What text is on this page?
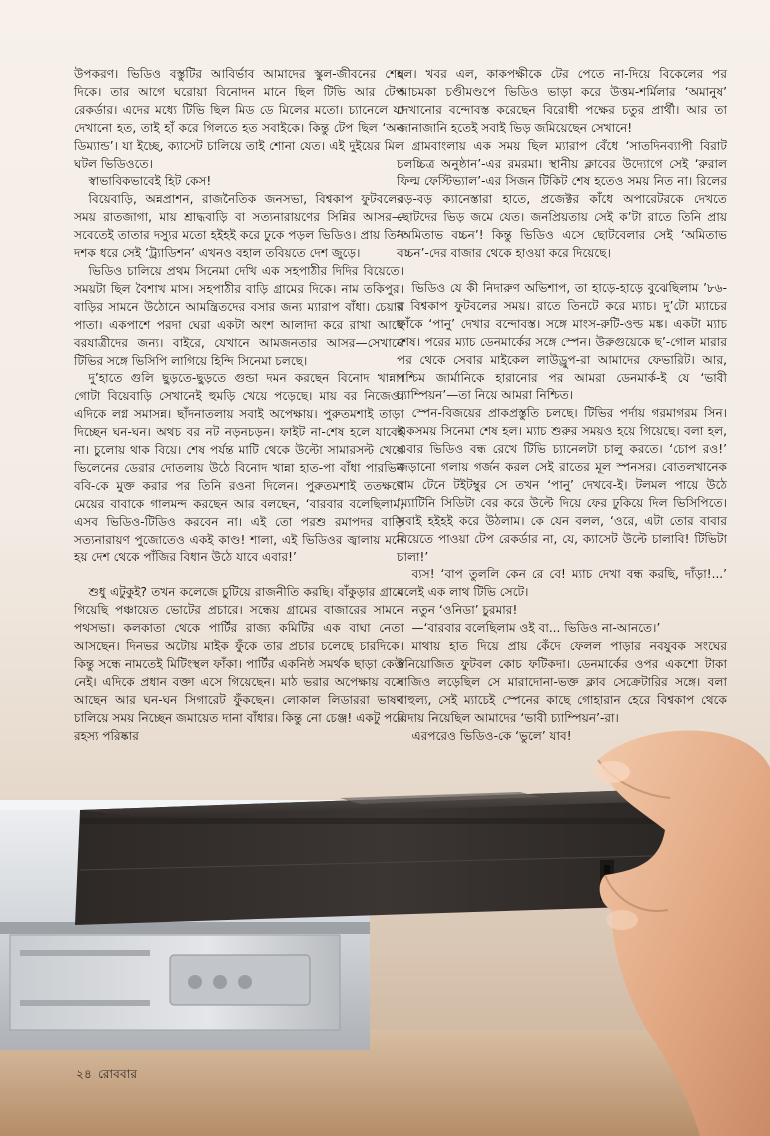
উপকরণ। ভিডিও বস্তুটির আবির্ভাব আমাদের স্কুল-জীবনের শেষ দিকে। তার আগে ঘরোয়া বিনোদন মানে ছিল টিভি আর টেপ রেকর্ডার। এদের মধ্যে টিভি ছিল মিড ডে মিলের মতো। চ্যানেলে যা দেখানো হত, তাই হাঁ করে গিলতে হত সবাইকে। কিন্তু টেপ ছিল ‘অন ডিম্যান্ড’। যা ইচ্ছে, ক্যাসেট চালিয়ে তাই শোনা যেত। এই দুইয়ের মিল ঘটল ভিডিওতে।

স্বাভাবিকভাবেই হিট কেস!

বিয়েবাড়ি, অন্নপ্রাশন, রাজনৈতিক জনসভা, বিশ্বকাপ ফুটবলের সময় রাতজাগা, মায় শ্রাদ্ধবাড়ি বা সত্যনারায়ণের সিন্নির আসর—সবেতেই তাতার দস্যুর মতো হইহই করে ঢুকে পড়ল ভিডিও। প্রায় তিন দশক ধরে সেই ‘ট্র্যাডিশন’ এখনও বহাল তবিয়তে দেশ জুড়ে।

ভিডিও চালিয়ে প্রথম সিনেমা দেখি এক সহপাঠীর দিদির বিয়েতে। সময়টা ছিল বৈশাখ মাস। সহপাঠীর বাড়ি গ্রামের দিকে। নাম তকিপুর। বাড়ির সামনে উঠোনে আমন্ত্রিতদের বসার জন্য ম্যারাপ বাঁধা। চেয়ার পাতা। একপাশে পরদা ঘেরা একটা অংশ আলাদা করে রাখা আছে বরযাত্রীদের জন্য। বাইরে, যেখানে আমজনতার আসর—সেখানে টিভির সঙ্গে ভিসিপি লাগিয়ে হিন্দি সিনেমা চলছে।

দু’হাতে গুলি ছুড়তে-ছুড়তে গুন্ডা দমন করছেন বিনোদ খান্না। গোটা বিয়েবাড়ি সেখানেই হুমড়ি খেয়ে পড়েছে। মায় বর নিজেও। এদিকে লগ্ন সমাসন্ন। ছাঁদনাতলায় সবাই অপেক্ষায়। পুরুতমশাই তাড়া দিচ্ছেন ঘন-ঘন। অথচ বর নট নড়নচড়ন। ফাইট না-শেষ হলে যাবেই না। চুলোয় থাক বিয়ে। শেষ পর্যন্ত মাটি থেকে উল্টো সামারসল্ট খেয়ে ভিলেনের ডেরার দোতলায় উঠে বিনোদ খান্না হাত-পা বাঁধা পারভিন ববি-কে মুক্ত করার পর তিনি রওনা দিলেন। পুরুতমশাই ততক্ষণে মেয়ের বাবাকে গালমন্দ করছেন আর বলছেন, ‘বারবার বলেছিলাম, এসব ভিডিও-টিডিও করবেন না। এই তো পরশু রমাপদর বাড়ি সত্যনারায়ণ পুজোতেও একই কাণ্ড! শালা, এই ভিডিওর জ্বালায় মনে হয় দেশ থেকে পাঁজির বিধান উঠে যাবে এবার!’

শুধু এটুকুই? তখন কলেজে চুটিয়ে রাজনীতি করছি। বাঁকুড়ার গ্রামে গিয়েছি পঞ্চায়েত ভোটের প্রচারে। সন্ধেয় গ্রামের বাজারের সামনে পথসভা। কলকাতা থেকে পার্টির রাজ্য কমিটির এক বাঘা নেতা আসছেন। দিনভর অটোয় মাইক ফুঁকে তার প্রচার চলেছে চারদিকে। কিন্তু সন্ধে নামতেই মিটিংস্থল ফাঁকা। পার্টির একনিষ্ঠ সমর্থক ছাড়া কেউ নেই। এদিকে প্রধান বক্তা এসে গিয়েছেন। মাঠ ভরার অপেক্ষায় বসে আছেন আর ঘন-ঘন সিগারেট ফুঁকছেন। লোকাল লিডাররা ভাষণ চালিয়ে সময় নিচ্ছেন জমায়েত দানা বাঁধার। কিন্তু নো চেঞ্জ! একটু পরে রহস্য পরিষ্কার

হল। খবর এল, কাকপক্ষীকে টের পেতে না-দিয়ে বিকেলের পর আচমকা চণ্ডীমণ্ডপে ভিডিও ভাড়া করে উত্তম-শর্মিলার ‘অমানুষ’ দেখানোর বন্দোবস্ত করেছেন বিরোধী পক্ষের চতুর প্রার্থী। আর তা জানাজানি হতেই সবাই ভিড় জমিয়েছেন সেখানে!

গ্রামবাংলায় এক সময় ছিল ম্যারাপ বেঁধে ‘সাতদিনব্যাপী বিরাট চলচ্চিত্র অনুষ্ঠান’-এর রমরমা। স্থানীয় ক্লাবের উদ্যোগে সেই ‘রুরাল ফিল্ম ফেস্টিভ্যাল’-এর সিজন টিকিট শেষ হতেও সময় নিত না। রিলের বড়-বড় ক্যানেস্তারা হাতে, প্রজেক্টর কাঁধে অপারেটরকে দেখতে ছোটদের ভিড় জমে যেত। জনপ্রিয়তায় সেই ক’টা রাতে তিনি প্রায় ‘অমিতাভ বচ্চন’! কিন্তু ভিডিও এসে ছোটবেলার সেই ‘অমিতাভ বচ্চন’-দের বাজার থেকে হাওয়া করে দিয়েছে।

ভিডিও যে কী নিদারুণ অভিশাপ, তা হাড়ে-হাড়ে বুঝেছিলাম ’৮৬-র বিশ্বকাপ ফুটবলের সময়। রাতে তিনটে করে ম্যাচ। দু’টো ম্যাচের ফাঁকে ‘পানু’ দেখার বন্দোবস্ত। সঙ্গে মাংস-রুটি-ওল্ড মঙ্ক। একটা ম্যাচ শেষ। পরের ম্যাচ ডেনমার্কের সঙ্গে স্পেন। উরুগুয়েকে ছ’-গোল মারার পর থেকে সেবার মাইকেল লাউড্রুপ-রা আমাদের ফেভারিট। আর, পশ্চিম জার্মানিকে হারানোর পর আমরা ডেনমার্ক-ই যে ‘ভাবী চ্যাম্পিয়ন’—তা নিয়ে আমরা নিশ্চিত।

স্পেন-বিজয়ের প্রাকপ্রস্তুতি চলছে। টিভির পর্দায় গরমাগরম সিন। একসময় সিনেমা শেষ হল। ম্যাচ শুরুর সময়ও হয়ে গিয়েছে। বলা হল, এবার ভিডিও বন্ধ রেখে টিভি চ্যানেলটা চালু করতে। ‘চোপ রও!’ জড়ানো গলায় গর্জন করল সেই রাতের মূল স্পনসর। বোতলখানেক রাম টেনে টইটম্বুর সে তখন ‘পানু’ দেখবে-ই। টলমল পায়ে উঠে ‘ম্যাটিনি সিডিটা বের করে উল্টে দিয়ে ফের ঢুকিয়ে দিল ভিসিপিতে। সবাই হইহই করে উঠলাম। কে যেন বলল, ‘ওরে, এটা তোর বাবার বিয়েতে পাওয়া টেপ রেকর্ডার না, যে, ক্যাসেট উল্টে চালাবি! টিভিটা চালা!’

ব্যস! ‘বাপ তুললি কেন রে বে! ম্যাচ দেখা বন্ধ করছি, দাঁড়া!...’ বলেই এক লাথ টিভি সেটে।

নতুন ‘ওনিডা’ চুরমার!

—‘বারবার বলেছিলাম ওই বা... ভিডিও না-আনতে।’

মাথায় হাত দিয়ে প্রায় কেঁদে ফেলল পাড়ার নবযুবক সংঘের স্বনিয়োজিত ফুটবল কোচ ফটিকদা। ডেনমার্কের ওপর একশো টাকা বাজিও লড়েছিল সে মারাদোনা-ভক্ত ক্লাব সেক্রেটারির সঙ্গে। বলা বাহুল্য, সেই ম্যাচেই স্পেনের কাছে গোহারান হেরে বিশ্বকাপ থেকে বিদায় নিয়েছিল আমাদের ‘ভাবী চ্যাম্পিয়ন’-রা।

এরপরেও ভিডিও-কে ‘ভুলে’ যাব!

২৪ রোববার
